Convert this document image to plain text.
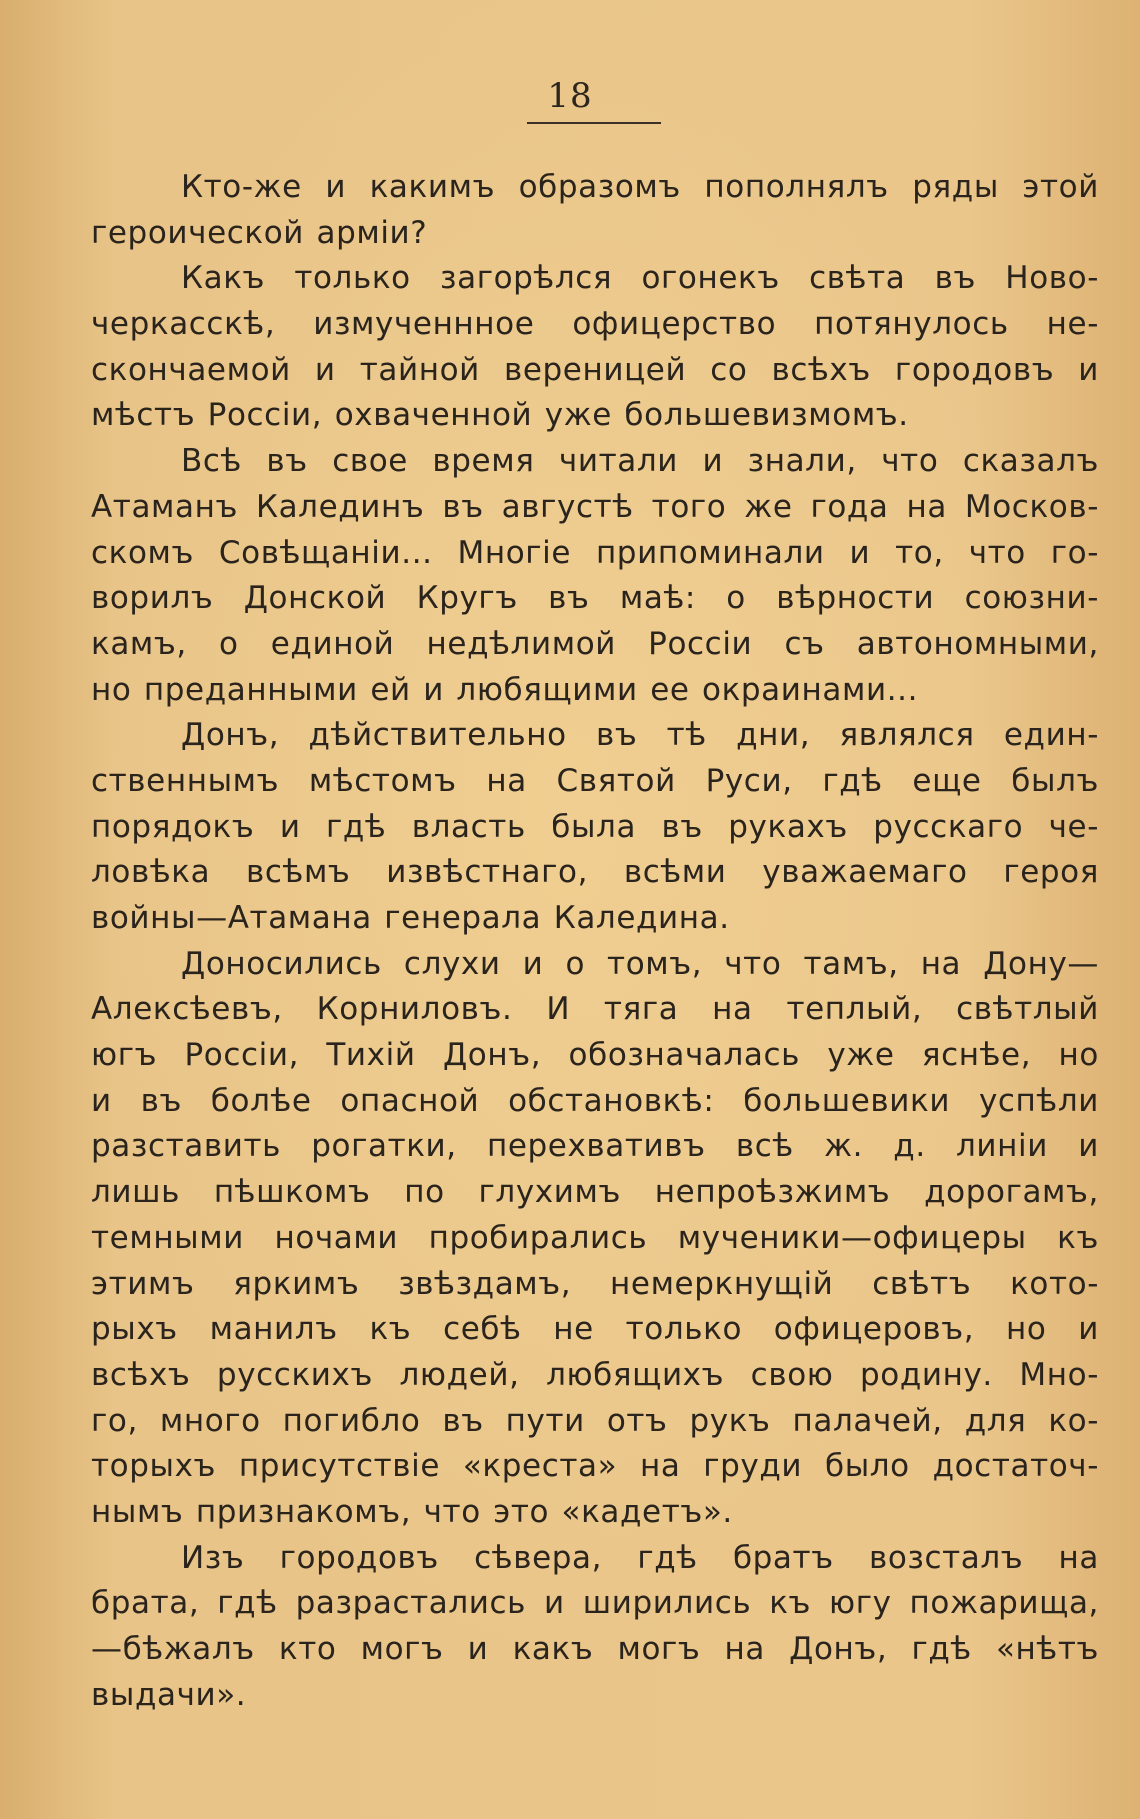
18
Кто-же и какимъ образомъ пополнялъ ряды этой
героической арміи?
Какъ только загорѣлся огонекъ свѣта въ Ново-
черкасскѣ, измученнное офицерство потянулось не-
скончаемой и тайной вереницей со всѣхъ городовъ и
мѣстъ Россіи, охваченной уже большевизмомъ.
Всѣ въ свое время читали и знали, что сказалъ
Атаманъ Калединъ въ августѣ того же года на Москов-
скомъ Совѣщаніи... Многіе припоминали и то, что го-
ворилъ Донской Кругъ въ маѣ: о вѣрности союзни-
камъ, о единой недѣлимой Россіи съ автономными,
но преданными ей и любящими ее окраинами...
Донъ, дѣйствительно въ тѣ дни, являлся един-
ственнымъ мѣстомъ на Святой Руси, гдѣ еще былъ
порядокъ и гдѣ власть была въ рукахъ русскаго че-
ловѣка всѣмъ извѣстнаго, всѣми уважаемаго героя
войны—Атамана генерала Каледина.
Доносились слухи и о томъ, что тамъ, на Дону—
Алексѣевъ, Корниловъ. И тяга на теплый, свѣтлый
югъ Россіи, Тихій Донъ, обозначалась уже яснѣе, но
и въ болѣе опасной обстановкѣ: большевики успѣли
разставить рогатки, перехвативъ всѣ ж. д. линіи и
лишь пѣшкомъ по глухимъ непроѣзжимъ дорогамъ,
темными ночами пробирались мученики—офицеры къ
этимъ яркимъ звѣздамъ, немеркнущій свѣтъ кото-
рыхъ манилъ къ себѣ не только офицеровъ, но и
всѣхъ русскихъ людей, любящихъ свою родину. Мно-
го, много погибло въ пути отъ рукъ палачей, для ко-
торыхъ присутствіе «креста» на груди было достаточ-
нымъ признакомъ, что это «кадетъ».
Изъ городовъ сѣвера, гдѣ братъ возсталъ на
брата, гдѣ разрастались и ширились къ югу пожарища,
—бѣжалъ кто могъ и какъ могъ на Донъ, гдѣ «нѣтъ
выдачи».
